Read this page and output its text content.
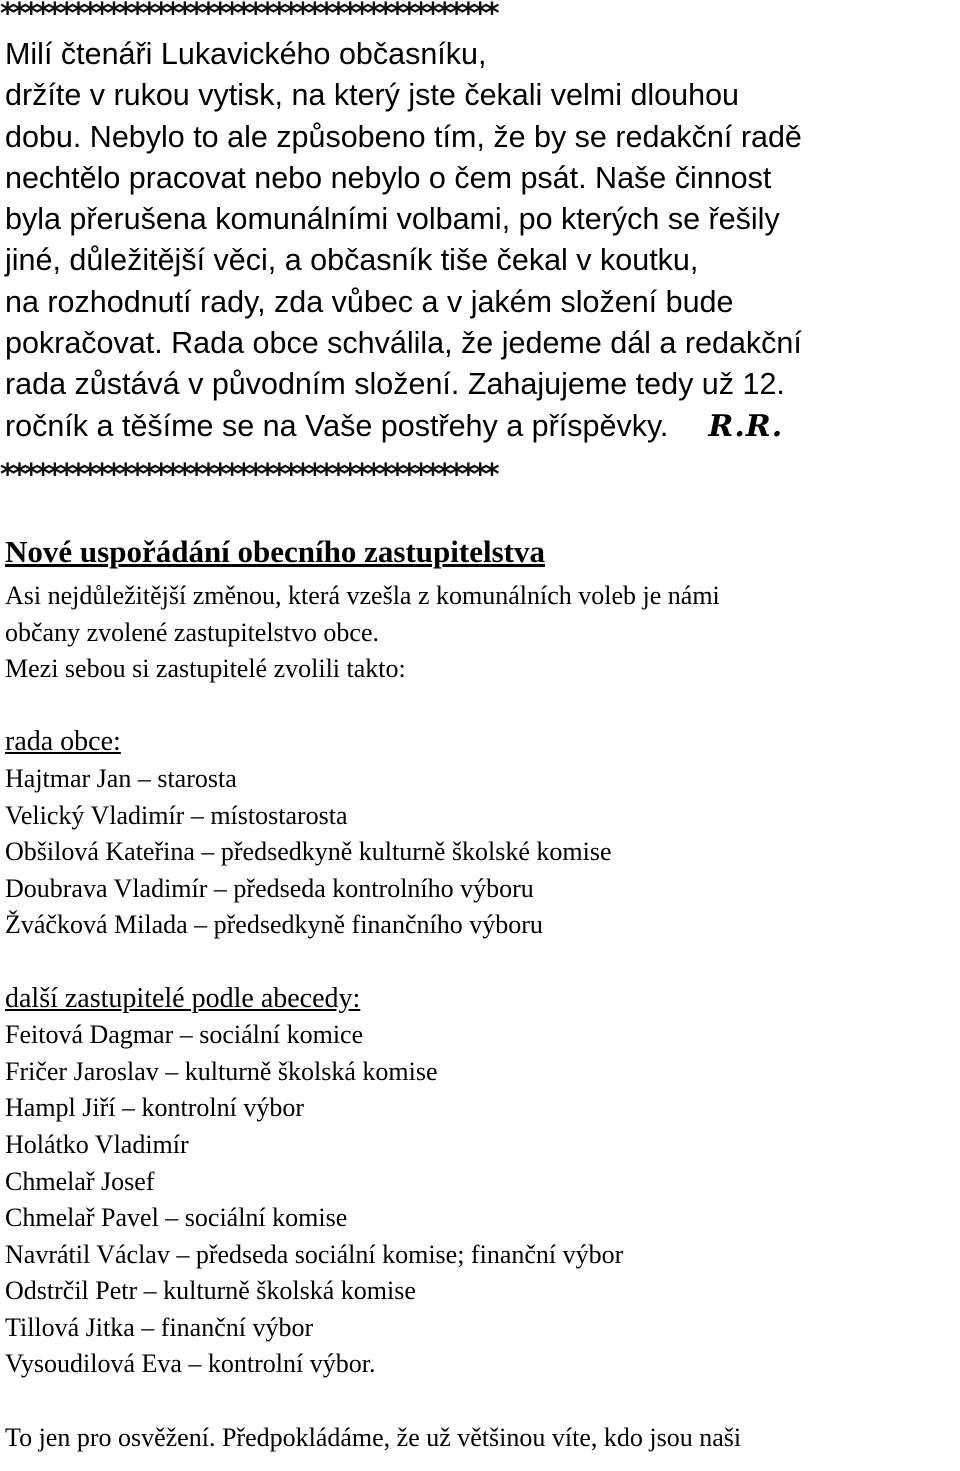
******************************************

Milí čtenáři Lukavického občasníku,

držíte v rukou vytisk, na který jste čekali velmi dlouhou

dobu. Nebylo to ale způsobeno tím, že by se redakční radě

nechtělo pracovat nebo nebylo o čem psát. Naše činnost

byla přerušena komunálními volbami, po kterých se řešily

jiné, důležitější věci, a občasník tiše čekal v koutku,

na rozhodnutí rady, zda vůbec a v jakém složení bude

pokračovat. Rada obce schválila, že jedeme dál a redakční

rada zůstává v původním složení. Zahajujeme tedy už 12.

ročník a těšíme se na Vaše postřehy a příspěvky. R.R.

******************************************
Nové uspořádání obecního zastupitelstva

Asi nejdůležitější změnou, která vzešla z komunálních voleb je námi

občany zvolené zastupitelstvo obce.

Mezi sebou si zastupitelé zvolili takto:

rada obce:

Hajtmar Jan – starosta
Velický Vladimír – místostarosta
Obšilová Kateřina – předsedkyně kulturně školské komise
Doubrava Vladimír – předseda kontrolního výboru
Žváčková Milada – předsedkyně finančního výboru

další zastupitelé podle abecedy:

Feitová Dagmar – sociální komice
Fričer Jaroslav – kulturně školská komise
Hampl Jiří – kontrolní výbor
Holátko Vladimír
Chmelař Josef
Chmelař Pavel – sociální komise
Navrátil Václav – předseda sociální komise; finanční výbor
Odstrčil Petr – kulturně školská komise
Tillová Jitka – finanční výbor
Vysoudilová Eva – kontrolní výbor.

To jen pro osvěžení. Předpokládáme, že už většinou víte, kdo jsou naši
